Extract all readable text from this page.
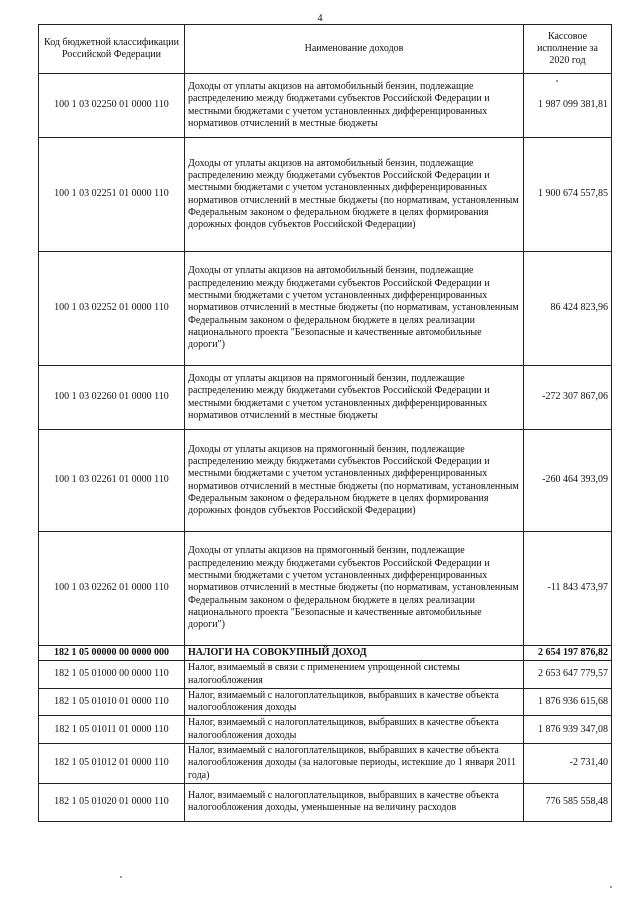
4
Код бюджетной классификации Российской Федерации	Наименование доходов	Кассовое исполнение за 2020 год
100 1 03 02250 01 0000 110	Доходы от уплаты акцизов на автомобильный бензин, подлежащие распределению между бюджетами субъектов Российской Федерации и местными бюджетами с учетом установленных дифференцированных нормативов отчислений в местные бюджеты	1 987 099 381,81
100 1 03 02251 01 0000 110	Доходы от уплаты акцизов на автомобильный бензин, подлежащие распределению между бюджетами субъектов Российской Федерации и местными бюджетами с учетом установленных дифференцированных нормативов отчислений в местные бюджеты (по нормативам, установленным Федеральным законом о федеральном бюджете в целях формирования дорожных фондов субъектов Российской Федерации)	1 900 674 557,85
100 1 03 02252 01 0000 110	Доходы от уплаты акцизов на автомобильный бензин, подлежащие распределению между бюджетами субъектов Российской Федерации и местными бюджетами с учетом установленных дифференцированных нормативов отчислений в местные бюджеты (по нормативам, установленным Федеральным законом о федеральном бюджете в целях реализации национального проекта "Безопасные и качественные автомобильные дороги")	86 424 823,96
100 1 03 02260 01 0000 110	Доходы от уплаты акцизов на прямогонный бензин, подлежащие распределению между бюджетами субъектов Российской Федерации и местными бюджетами с учетом установленных дифференцированных нормативов отчислений в местные бюджеты	-272 307 867,06
100 1 03 02261 01 0000 110	Доходы от уплаты акцизов на прямогонный бензин, подлежащие распределению между бюджетами субъектов Российской Федерации и местными бюджетами с учетом установленных дифференцированных нормативов отчислений в местные бюджеты (по нормативам, установленным Федеральным законом о федеральном бюджете в целях формирования дорожных фондов субъектов Российской Федерации)	-260 464 393,09
100 1 03 02262 01 0000 110	Доходы от уплаты акцизов на прямогонный бензин, подлежащие распределению между бюджетами субъектов Российской Федерации и местными бюджетами с учетом установленных дифференцированных нормативов отчислений в местные бюджеты (по нормативам, установленным Федеральным законом о федеральном бюджете в целях реализации национального проекта "Безопасные и качественные автомобильные дороги")	-11 843 473,97
182 1 05 00000 00 0000 000	НАЛОГИ НА СОВОКУПНЫЙ ДОХОД	2 654 197 876,82
182 1 05 01000 00 0000 110	Налог, взимаемый в связи с применением упрощенной системы налогообложения	2 653 647 779,57
182 1 05 01010 01 0000 110	Налог, взимаемый с налогоплательщиков, выбравших в качестве объекта налогообложения доходы	1 876 936 615,68
182 1 05 01011 01 0000 110	Налог, взимаемый с налогоплательщиков, выбравших в качестве объекта налогообложения доходы	1 876 939 347,08
182 1 05 01012 01 0000 110	Налог, взимаемый с налогоплательщиков, выбравших в качестве объекта налогообложения доходы (за налоговые периоды, истекшие до 1 января 2011 года)	-2 731,40
182 1 05 01020 01 0000 110	Налог, взимаемый с налогоплательщиков, выбравших в качестве объекта налогообложения доходы, уменьшенные на величину расходов	776 585 558,48
